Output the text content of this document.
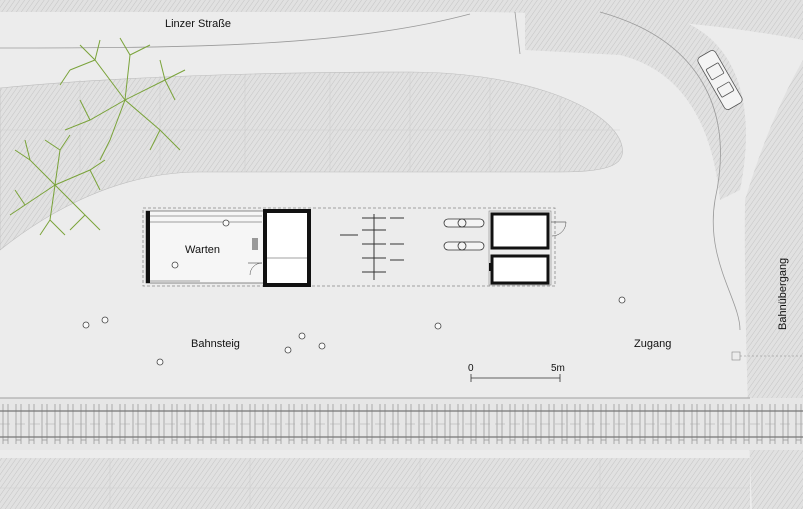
Linzer Straße
Warten
Bahnsteig	Zugang
Bahnübergang
0	5m
